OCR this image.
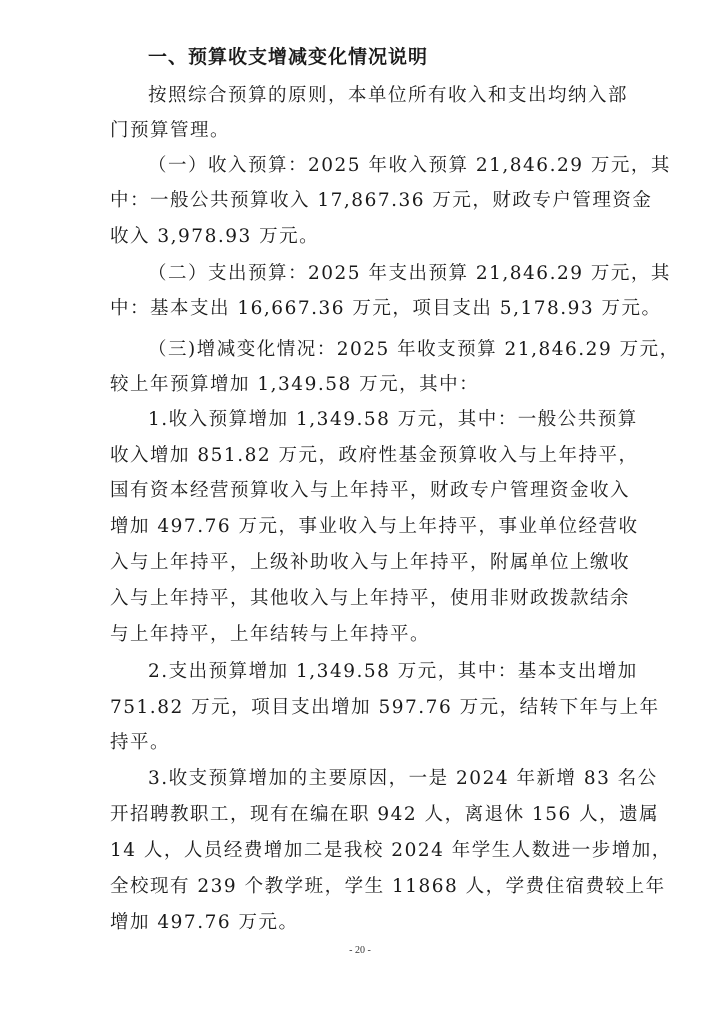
一、预算收支增减变化情况说明
按照综合预算的原则，本单位所有收入和支出均纳入部
门预算管理。
（一）收入预算：2025 年收入预算 21,846.29 万元，其
中：一般公共预算收入 17,867.36 万元，财政专户管理资金
收入 3,978.93 万元。
（二）支出预算：2025 年支出预算 21,846.29 万元，其
中：基本支出 16,667.36 万元，项目支出 5,178.93 万元。
（三)增减变化情况：2025 年收支预算 21,846.29 万元，
较上年预算增加 1,349.58 万元，其中：
1.收入预算增加 1,349.58 万元，其中：一般公共预算
收入增加 851.82 万元，政府性基金预算收入与上年持平，
国有资本经营预算收入与上年持平，财政专户管理资金收入
增加 497.76 万元，事业收入与上年持平，事业单位经营收
入与上年持平，上级补助收入与上年持平，附属单位上缴收
入与上年持平，其他收入与上年持平，使用非财政拨款结余
与上年持平，上年结转与上年持平。
2.支出预算增加 1,349.58 万元，其中：基本支出增加
751.82 万元，项目支出增加 597.76 万元，结转下年与上年
持平。
3.收支预算增加的主要原因，一是 2024 年新增 83 名公
开招聘教职工，现有在编在职 942 人，离退休 156 人，遗属
14 人，人员经费增加二是我校 2024 年学生人数进一步增加，
全校现有 239 个教学班，学生 11868 人，学费住宿费较上年
增加 497.76 万元。
- 20 -
